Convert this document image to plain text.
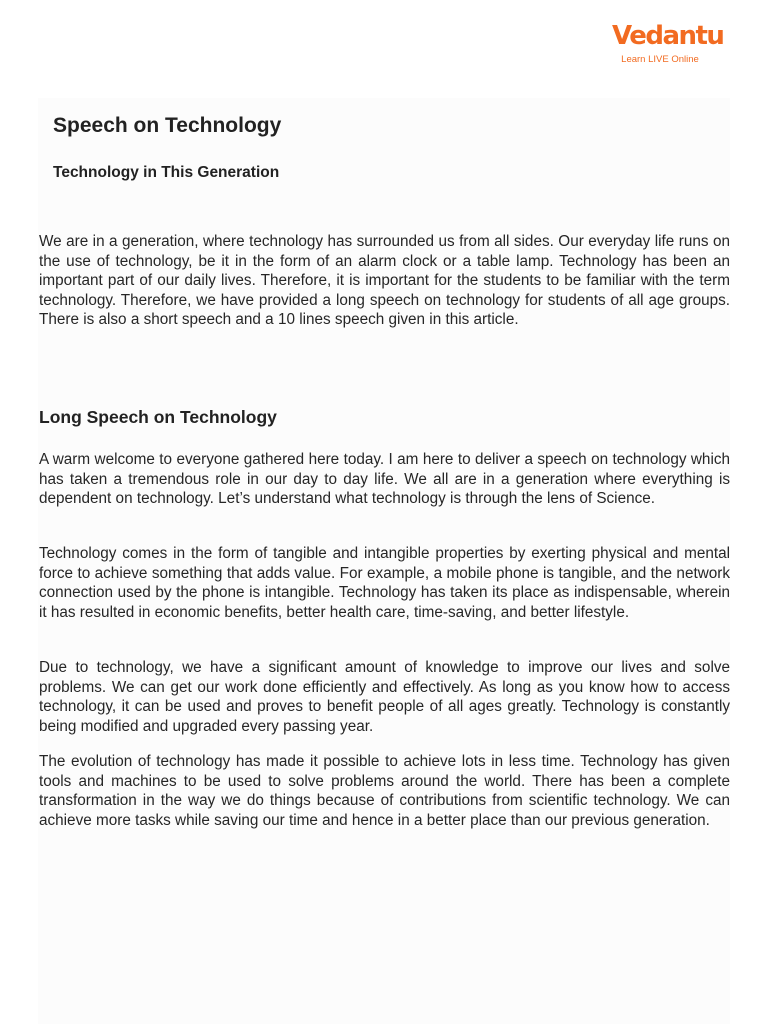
Vedantu
Learn LIVE Online
Speech on Technology
Technology in This Generation

We are in a generation, where technology has surrounded us from all sides. Our everyday life runs on the use of technology, be it in the form of an alarm clock or a table lamp. Technology has been an important part of our daily lives. Therefore, it is important for the students to be familiar with the term technology. Therefore, we have provided a long speech on technology for students of all age groups. There is also a short speech and a 10 lines speech given in this article.

Long Speech on Technology

A warm welcome to everyone gathered here today. I am here to deliver a speech on technology which has taken a tremendous role in our day to day life. We all are in a generation where everything is dependent on technology. Let’s understand what technology is through the lens of Science.

Technology comes in the form of tangible and intangible properties by exerting physical and mental force to achieve something that adds value. For example, a mobile phone is tangible, and the network connection used by the phone is intangible. Technology has taken its place as indispensable, wherein it has resulted in economic benefits, better health care, time-saving, and better lifestyle.

Due to technology, we have a significant amount of knowledge to improve our lives and solve problems. We can get our work done efficiently and effectively. As long as you know how to access technology, it can be used and proves to benefit people of all ages greatly. Technology is constantly being modified and upgraded every passing year.

The evolution of technology has made it possible to achieve lots in less time. Technology has given tools and machines to be used to solve problems around the world. There has been a complete transformation in the way we do things because of contributions from scientific technology. We can achieve more tasks while saving our time and hence in a better place than our previous generation.
